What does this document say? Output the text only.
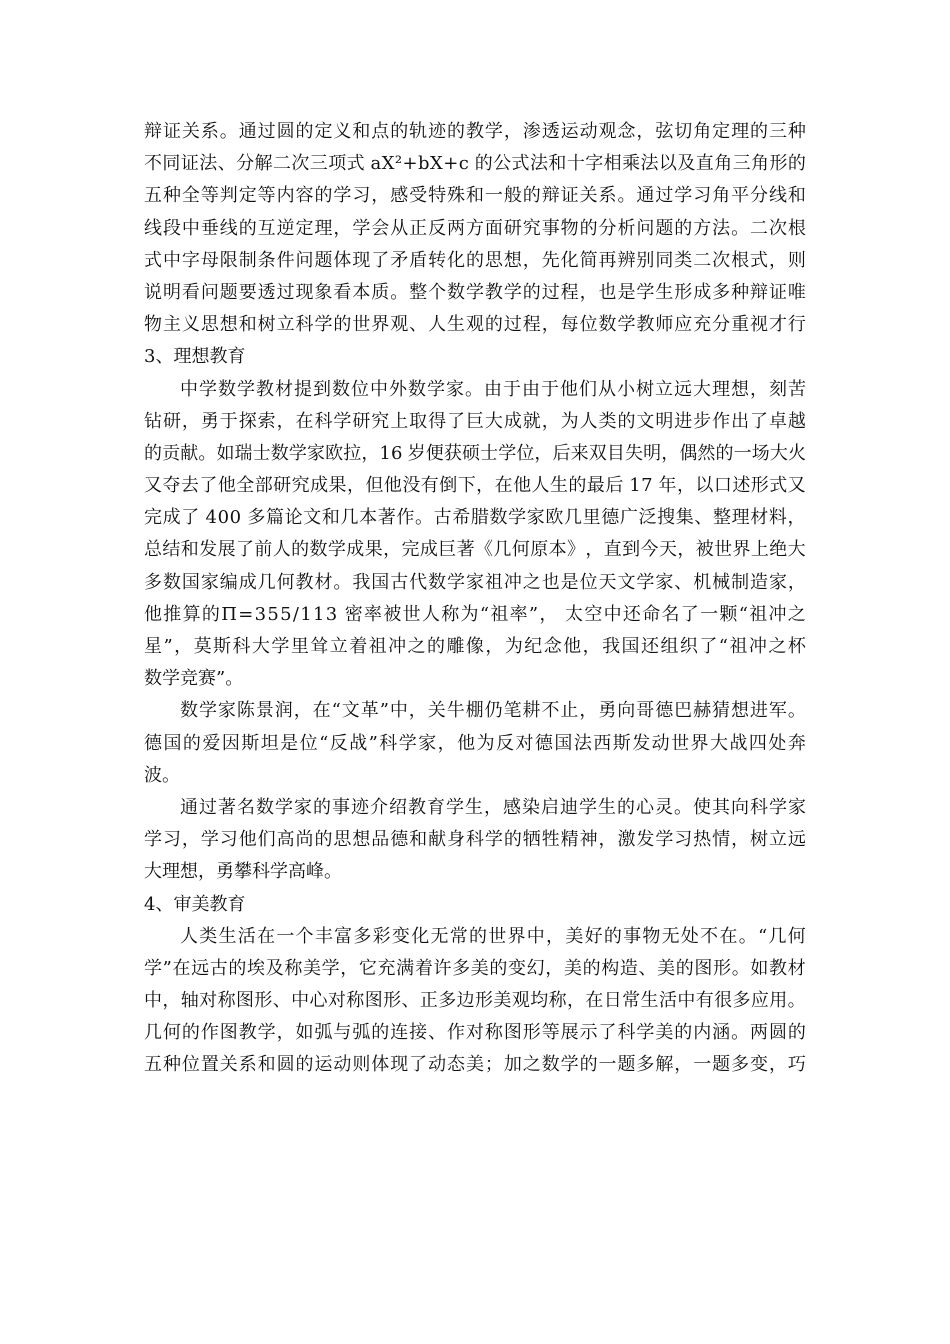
辩 证 关 系 。 通 过 圆 的 定 义 和 点 的 轨 迹 的 教 学 ， 渗 透 运 动 观 念 ， 弦 切 角 定 理 的 三 种
不 同 证 法 、 分 解 二 次 三 项 式
a X ² + b X + c
的 公 式 法 和 十 字 相 乘 法 以 及 直 角 三 角 形 的
五 种 全 等 判 定 等 内 容 的 学 习 ， 感 受 特 殊 和 一 般 的 辩 证 关 系 。 通 过 学 习 角 平 分 线 和
线 段 中 垂 线 的 互 逆 定 理 ， 学 会 从 正 反 两 方 面 研 究 事 物 的 分 析 问 题 的 方 法 。 二 次 根
式 中 字 母 限 制 条 件 问 题 体 现 了 矛 盾 转 化 的 思 想 ， 先 化 简 再 辨 别 同 类 二 次 根 式 ， 则
说 明 看 问 题 要 透 过 现 象 看 本 质 。 整 个 数 学 教 学 的 过 程 ， 也 是 学 生 形 成 多 种 辩 证 唯
物 主 义 思 想 和 树 立 科 学 的 世 界 观 、 人 生 观 的 过 程 ， 每 位 数 学 教 师 应 充 分 重 视 才 行
3、理想教育
中 学 数 学 教 材 提 到 数 位 中 外 数 学 家 。 由 于 由 于 他 们 从 小 树 立 远 大 理 想 ， 刻 苦
钻 研 ， 勇 于 探 索 ， 在 科 学 研 究 上 取 得 了 巨 大 成 就 ， 为 人 类 的 文 明 进 步 作 出 了 卓 越
的 贡 献 。 如 瑞 士 数 学 家 欧 拉 ， 1 6
岁 便 获 硕 士 学 位 ， 后 来 双 目 失 明 ， 偶 然 的 一 场 大 火
又 夺 去 了 他 全 部 研 究 成 果 ， 但 他 没 有 倒 下 ， 在 他 人 生 的 最 后
1 7
年 ， 以 口 述 形 式 又
完 成 了
4 0 0
多 篇 论 文 和 几 本 著 作 。 古 希 腊 数 学 家 欧 几 里 德 广 泛 搜 集 、 整 理 材 料 ，
总 结 和 发 展 了 前 人 的 数 学 成 果 ， 完 成 巨 著 《 几 何 原 本 》 ， 直 到 今 天 ， 被 世 界 上 绝 大
多 数 国 家 编 成 几 何 教 材 。 我 国 古 代 数 学 家 祖 冲 之 也 是 位 天 文 学 家 、 机 械 制 造 家 ，
他 推 算 的 Π = 3 5 5 / 1 1 3
密 率 被 世 人 称 为 “ 祖 率 ” ，
太 空 中 还 命 名 了 一 颗 “ 祖 冲 之
星 ” ， 莫 斯 科 大 学 里 耸 立 着 祖 冲 之 的 雕 像 ， 为 纪 念 他 ， 我 国 还 组 织 了 “ 祖 冲 之 杯
数学竞赛”。
数 学 家 陈 景 润 ， 在 “ 文 革 ” 中 ， 关 牛 棚 仍 笔 耕 不 止 ， 勇 向 哥 德 巴 赫 猜 想 进 军 。
德 国 的 爱 因 斯 坦 是 位 “ 反 战 ” 科 学 家 ， 他 为 反 对 德 国 法 西 斯 发 动 世 界 大 战 四 处 奔
波。
通 过 著 名 数 学 家 的 事 迹 介 绍 教 育 学 生 ， 感 染 启 迪 学 生 的 心 灵 。 使 其 向 科 学 家
学 习 ， 学 习 他 们 高 尚 的 思 想 品 德 和 献 身 科 学 的 牺 牲 精 神 ， 激 发 学 习 热 情 ， 树 立 远
大理想，勇攀科学高峰。
4、审美教育
人 类 生 活 在 一 个 丰 富 多 彩 变 化 无 常 的 世 界 中 ， 美 好 的 事 物 无 处 不 在 。 “ 几 何
学 ” 在 远 古 的 埃 及 称 美 学 ， 它 充 满 着 许 多 美 的 变 幻 ， 美 的 构 造 、 美 的 图 形 。 如 教 材
中 ， 轴 对 称 图 形 、 中 心 对 称 图 形 、 正 多 边 形 美 观 均 称 ， 在 日 常 生 活 中 有 很 多 应 用 。
几 何 的 作 图 教 学 ， 如 弧 与 弧 的 连 接 、 作 对 称 图 形 等 展 示 了 科 学 美 的 内 涵 。 两 圆 的
五 种 位 置 关 系 和 圆 的 运 动 则 体 现 了 动 态 美 ； 加 之 数 学 的 一 题 多 解 ， 一 题 多 变 ， 巧
